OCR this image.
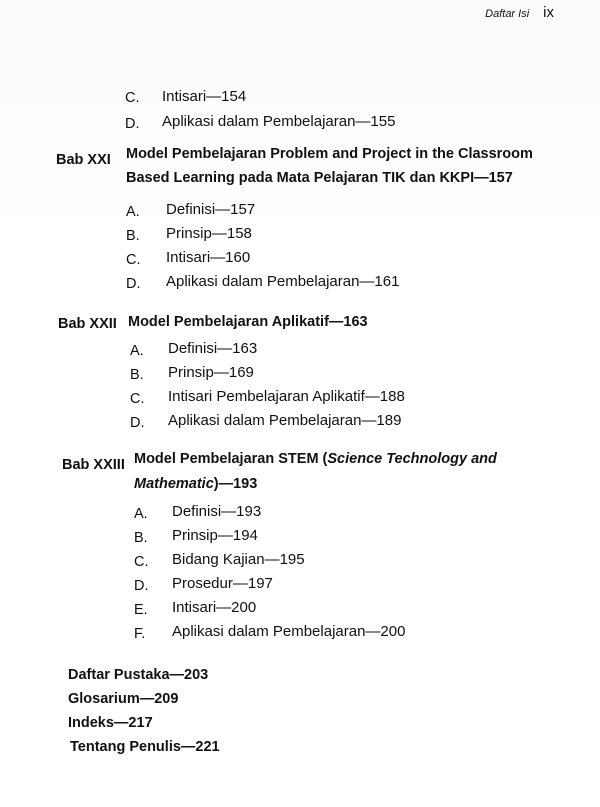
Daftar Isi ix
C. Intisari—154
D. Aplikasi dalam Pembelajaran—155
Bab XXI Model Pembelajaran Problem and Project in the Classroom
Based Learning pada Mata Pelajaran TIK dan KKPI—157
A. Definisi—157
B. Prinsip—158
C. Intisari—160
D. Aplikasi dalam Pembelajaran—161
Bab XXII Model Pembelajaran Aplikatif—163
A. Definisi—163
B. Prinsip—169
C. Intisari Pembelajaran Aplikatif—188
D. Aplikasi dalam Pembelajaran—189
Bab XXIII Model Pembelajaran STEM (Science Technology and
Mathematic)—193
A. Definisi—193
B. Prinsip—194
C. Bidang Kajian—195
D. Prosedur—197
E. Intisari—200
F. Aplikasi dalam Pembelajaran—200
Daftar Pustaka—203
Glosarium—209
Indeks—217
Tentang Penulis—221
